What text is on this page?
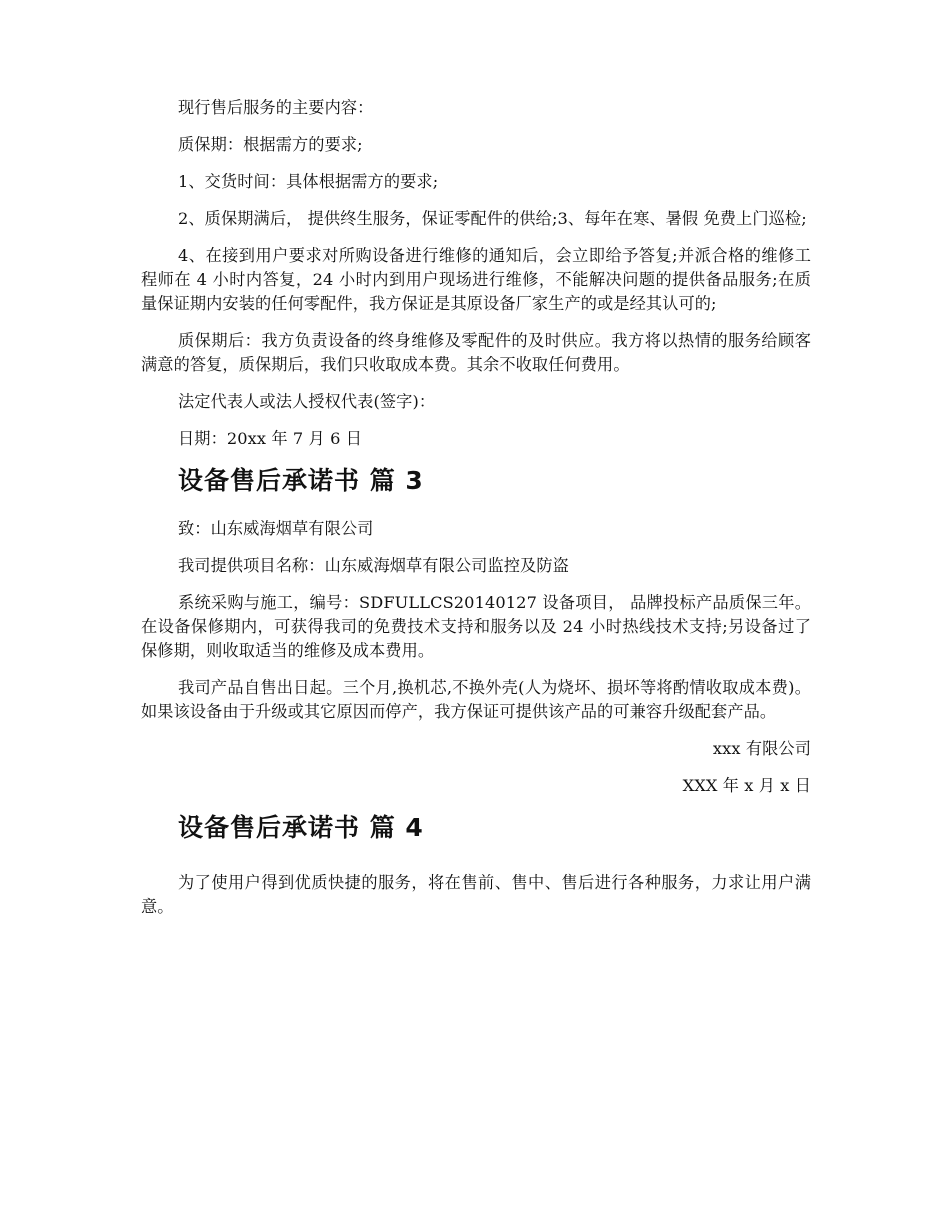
现行售后服务的主要内容：

质保期：根据需方的要求;

1、交货时间：具体根据需方的要求;

2、质保期满后， 提供终生服务，保证零配件的供给;3、每年在寒、暑假 免费上门巡检;

4、在接到用户要求对所购设备进行维修的通知后，会立即给予答复;并派合格的维修工程师在 4 小时内答复，24 小时内到用户现场进行维修，不能解决问题的提供备品服务;在质量保证期内安装的任何零配件，我方保证是其原设备厂家生产的或是经其认可的;

质保期后：我方负责设备的终身维修及零配件的及时供应。我方将以热情的服务给顾客满意的答复，质保期后，我们只收取成本费。其余不收取任何费用。

法定代表人或法人授权代表(签字)：

日期：20xx 年 7 月 6 日

设备售后承诺书 篇 3

致：山东威海烟草有限公司

我司提供项目名称：山东威海烟草有限公司监控及防盗

系统采购与施工，编号：SDFULLCS20140127 设备项目， 品牌投标产品质保三年。在设备保修期内，可获得我司的免费技术支持和服务以及 24 小时热线技术支持;另设备过了保修期，则收取适当的维修及成本费用。

我司产品自售出日起。三个月,换机芯,不换外壳(人为烧坏、损坏等将酌情收取成本费)。如果该设备由于升级或其它原因而停产，我方保证可提供该产品的可兼容升级配套产品。

xxx 有限公司

XXX 年 x 月 x 日

设备售后承诺书 篇 4

为了使用户得到优质快捷的服务，将在售前、售中、售后进行各种服务，力求让用户满意。
